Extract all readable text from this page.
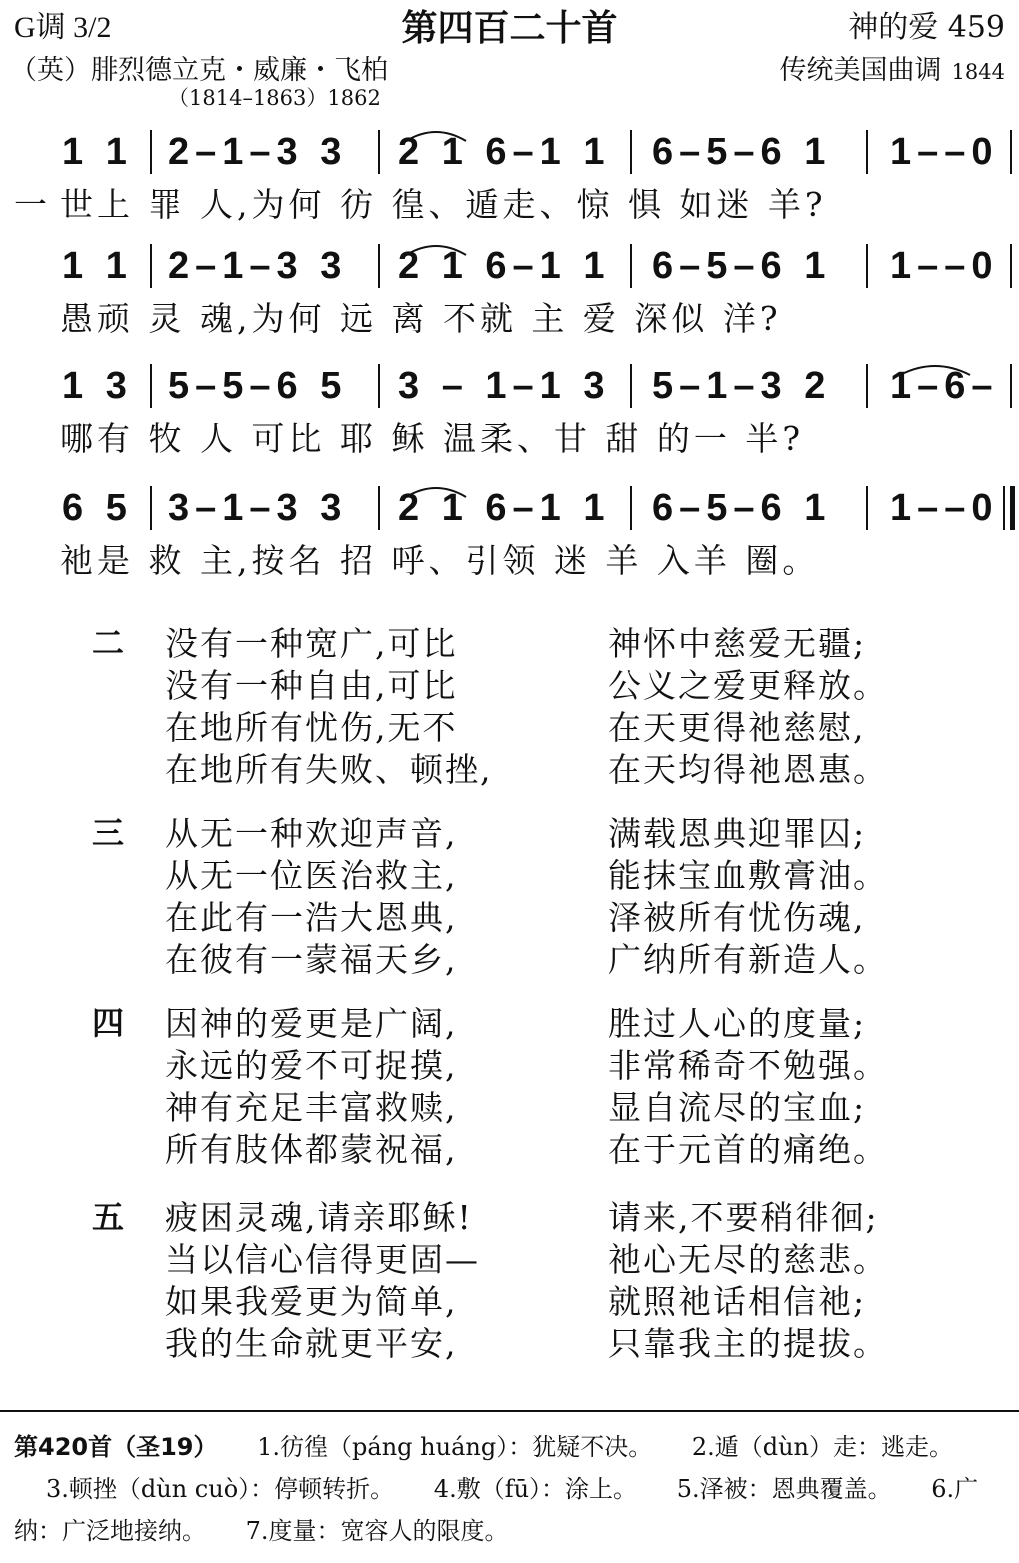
G调 3/2	第四百二十首	神的爱 459
（英）腓烈德立克・威廉・飞柏
（1814–1863）1862
传统美国曲调 1844
1 1 2–1–3 3 2 1 6–1 1 6–5–6 1 1––0
一 世上 罪 人,为何 彷 徨、遁走、惊 惧 如迷 羊?
1 1 2–1–3 3 2 1 6–1 1 6–5–6 1 1––0
愚顽 灵 魂,为何 远 离 不就 主 爱 深似 洋?
1 3 5–5–6 5 3 – 1–1 3 5–1–3 2 1–6–
哪有 牧 人 可比 耶 稣 温柔、甘 甜 的一 半?
6 5 3–1–3 3 2 1 6–1 1 6–5–6 1 1––0
祂是 救 主,按名 招 呼、引领 迷 羊 入羊 圈。
二 没有一种宽广,可比	神怀中慈爱无疆;
没有一种自由,可比	公义之爱更释放。
在地所有忧伤,无不	在天更得祂慈慰,
在地所有失败、顿挫,	在天均得祂恩惠。
三 从无一种欢迎声音,	满载恩典迎罪囚;
从无一位医治救主,	能抹宝血敷膏油。
在此有一浩大恩典,	泽被所有忧伤魂,
在彼有一蒙福天乡,	广纳所有新造人。
四 因神的爱更是广阔,	胜过人心的度量;
永远的爱不可捉摸,	非常稀奇不勉强。
神有充足丰富救赎,	显自流尽的宝血;
所有肢体都蒙祝福,	在于元首的痛绝。
五 疲困灵魂,请亲耶稣!	请来,不要稍徘徊;
当以信心信得更固—	祂心无尽的慈悲。
如果我爱更为简单,	就照祂话相信祂;
我的生命就更平安,	只靠我主的提拔。
第420首（圣19） 1.彷徨（páng huáng）：犹疑不决。 2.遁（dùn）走：逃走。 3.顿挫（dùn cuò）：停顿转折。 4.敷（fū）：涂上。 5.泽被：恩典覆盖。 6.广纳：广泛地接纳。 7.度量：宽容人的限度。
